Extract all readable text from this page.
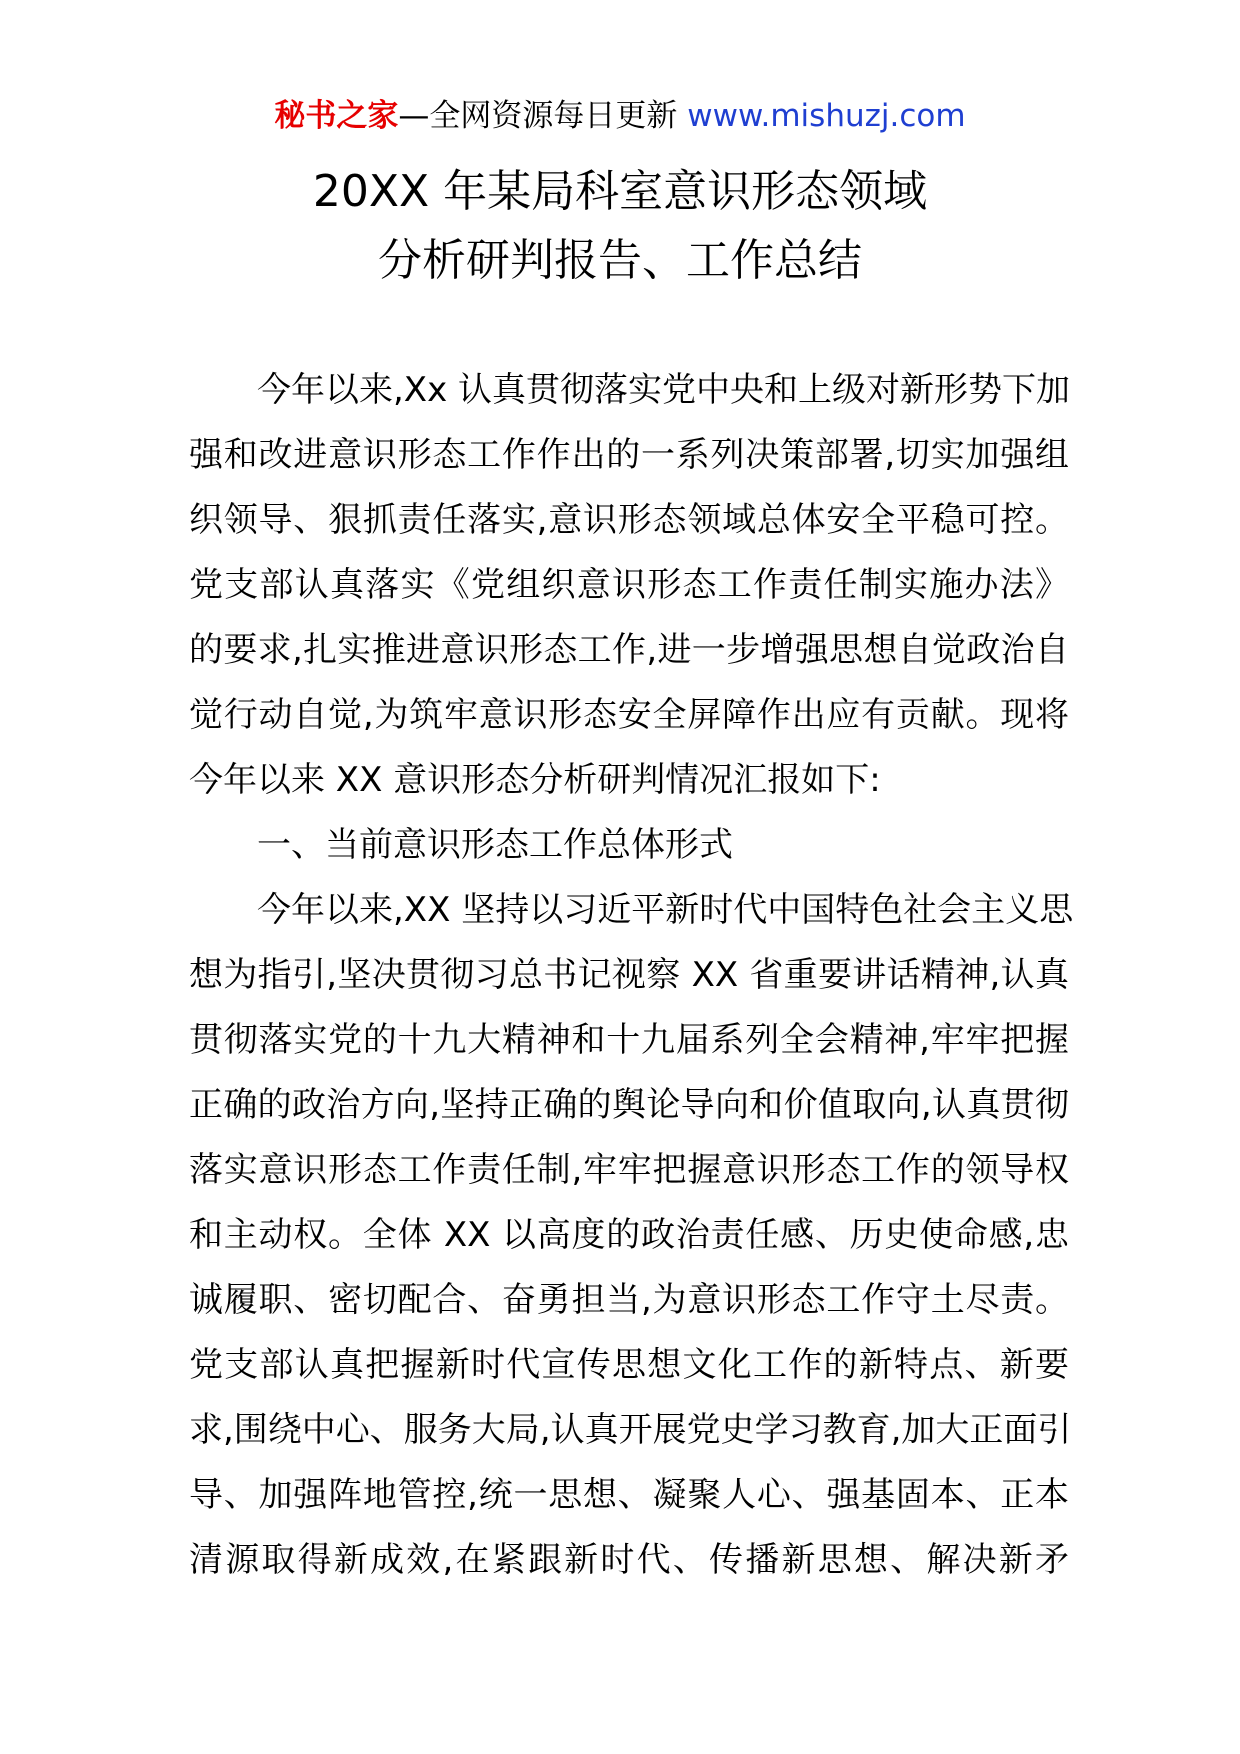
秘书之家—全网资源每日更新 www.mishuzj.com
20XX 年某局科室意识形态领域
分析研判报告、工作总结
今年以来,Xx 认真贯彻落实党中央和上级对新形势下加
强和改进意识形态工作作出的一系列决策部署,切实加强组
织领导、狠抓责任落实,意识形态领域总体安全平稳可控。
党支部认真落实《党组织意识形态工作责任制实施办法》
的要求,扎实推进意识形态工作,进一步增强思想自觉政治自
觉行动自觉,为筑牢意识形态安全屏障作出应有贡献。现将
今年以来 XX 意识形态分析研判情况汇报如下:
一、当前意识形态工作总体形式
今年以来,XX 坚持以习近平新时代中国特色社会主义思
想为指引,坚决贯彻习总书记视察 XX 省重要讲话精神,认真
贯彻落实党的十九大精神和十九届系列全会精神,牢牢把握
正确的政治方向,坚持正确的舆论导向和价值取向,认真贯彻
落实意识形态工作责任制,牢牢把握意识形态工作的领导权
和主动权。全体 XX 以高度的政治责任感、历史使命感,忠
诚履职、密切配合、奋勇担当,为意识形态工作守土尽责。
党支部认真把握新时代宣传思想文化工作的新特点、新要
求,围绕中心、服务大局,认真开展党史学习教育,加大正面引
导、加强阵地管控,统一思想、凝聚人心、强基固本、正本
清源取得新成效,在紧跟新时代、传播新思想、解决新矛
